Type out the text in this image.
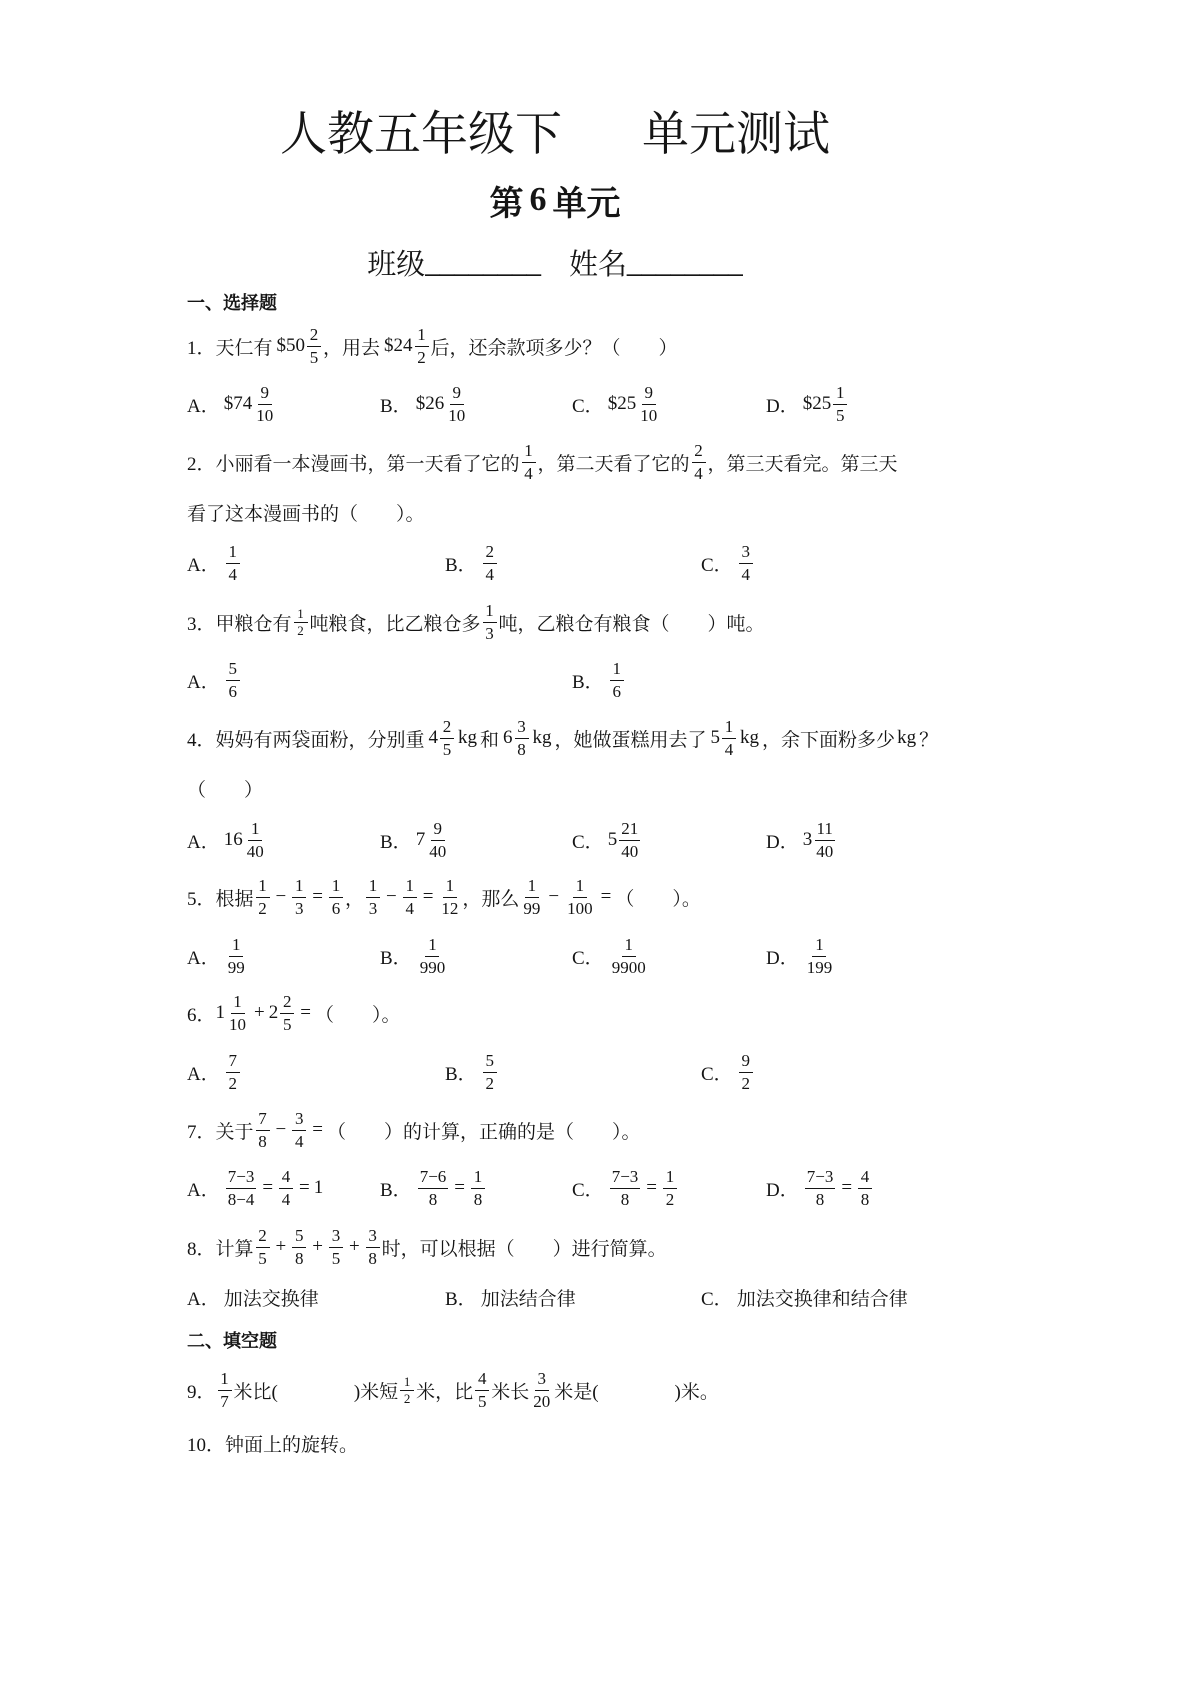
人教五年级下 单元测试
第 6 单元
班级 ________ 姓名 ________
一、选择题
1．天仁有 $50 $\frac{2}{5}$ ，用去 $24 $\frac{1}{2}$ 后，还余款项多少？（　　）
A． $74 $\frac{9}{10}$	B． $26 $\frac{9}{10}$	C． $25 $\frac{9}{10}$	D． $25 $\frac{1}{5}$
2．小丽看一本漫画书，第一天看了它的 $\frac{1}{4}$ ，第二天看了它的 $\frac{2}{4}$ ，第三天看完。第三天
看了这本漫画书的（　　）。
A． $\frac{1}{4}$	B． $\frac{2}{4}$	C． $\frac{3}{4}$
3．甲粮仓有 $\frac{1}{2}$ 吨粮食，比乙粮仓多 $\frac{1}{3}$ 吨，乙粮仓有粮食（　　）吨。
A． $\frac{5}{6}$	B． $\frac{1}{6}$
4．妈妈有两袋面粉，分别重 $4 \frac{2}{5}$ kg 和 $6 \frac{3}{8}$ kg ，她做蛋糕用去了 $5 \frac{1}{4}$ kg ，余下面粉多少 kg ？
（　　）
A． $16 \frac{1}{40}$	B． $7 \frac{9}{40}$	C． $5 \frac{21}{40}$	D． $3 \frac{11}{40}$
5．根据 $\frac{1}{2} - \frac{1}{3} = \frac{1}{6}$ ， $\frac{1}{3} - \frac{1}{4} = \frac{1}{12}$ ，那么 $\frac{1}{99} - \frac{1}{100}$ = （　　）。
A． $\frac{1}{99}$	B． $\frac{1}{990}$	C． $\frac{1}{9900}$	D． $\frac{1}{199}$
6． $1 \frac{1}{10} + 2 \frac{2}{5}$ = （　　）。
A． $\frac{7}{2}$	B． $\frac{5}{2}$	C． $\frac{9}{2}$
7．关于 $\frac{7}{8} - \frac{3}{4}$ = （　　）的计算，正确的是（　　）。
A． $\frac{7-3}{8-4} = \frac{4}{4} = 1$	B． $\frac{7-6}{8} = \frac{1}{8}$	C． $\frac{7-3}{8} = \frac{1}{2}$	D． $\frac{7-3}{8} = \frac{4}{8}$
8．计算 $\frac{2}{5} + \frac{5}{8} + \frac{3}{5} + \frac{3}{8}$ 时，可以根据（　　）进行简算。
A． 加法交换律	B． 加法结合律	C． 加法交换律和结合律
二、填空题
9． $\frac{1}{7}$ 米比(　　　　)米短 $\frac{1}{2}$ 米，比 $\frac{4}{5}$ 米长 $\frac{3}{20}$ 米是(　　　　)米。
10．钟面上的旋转。
